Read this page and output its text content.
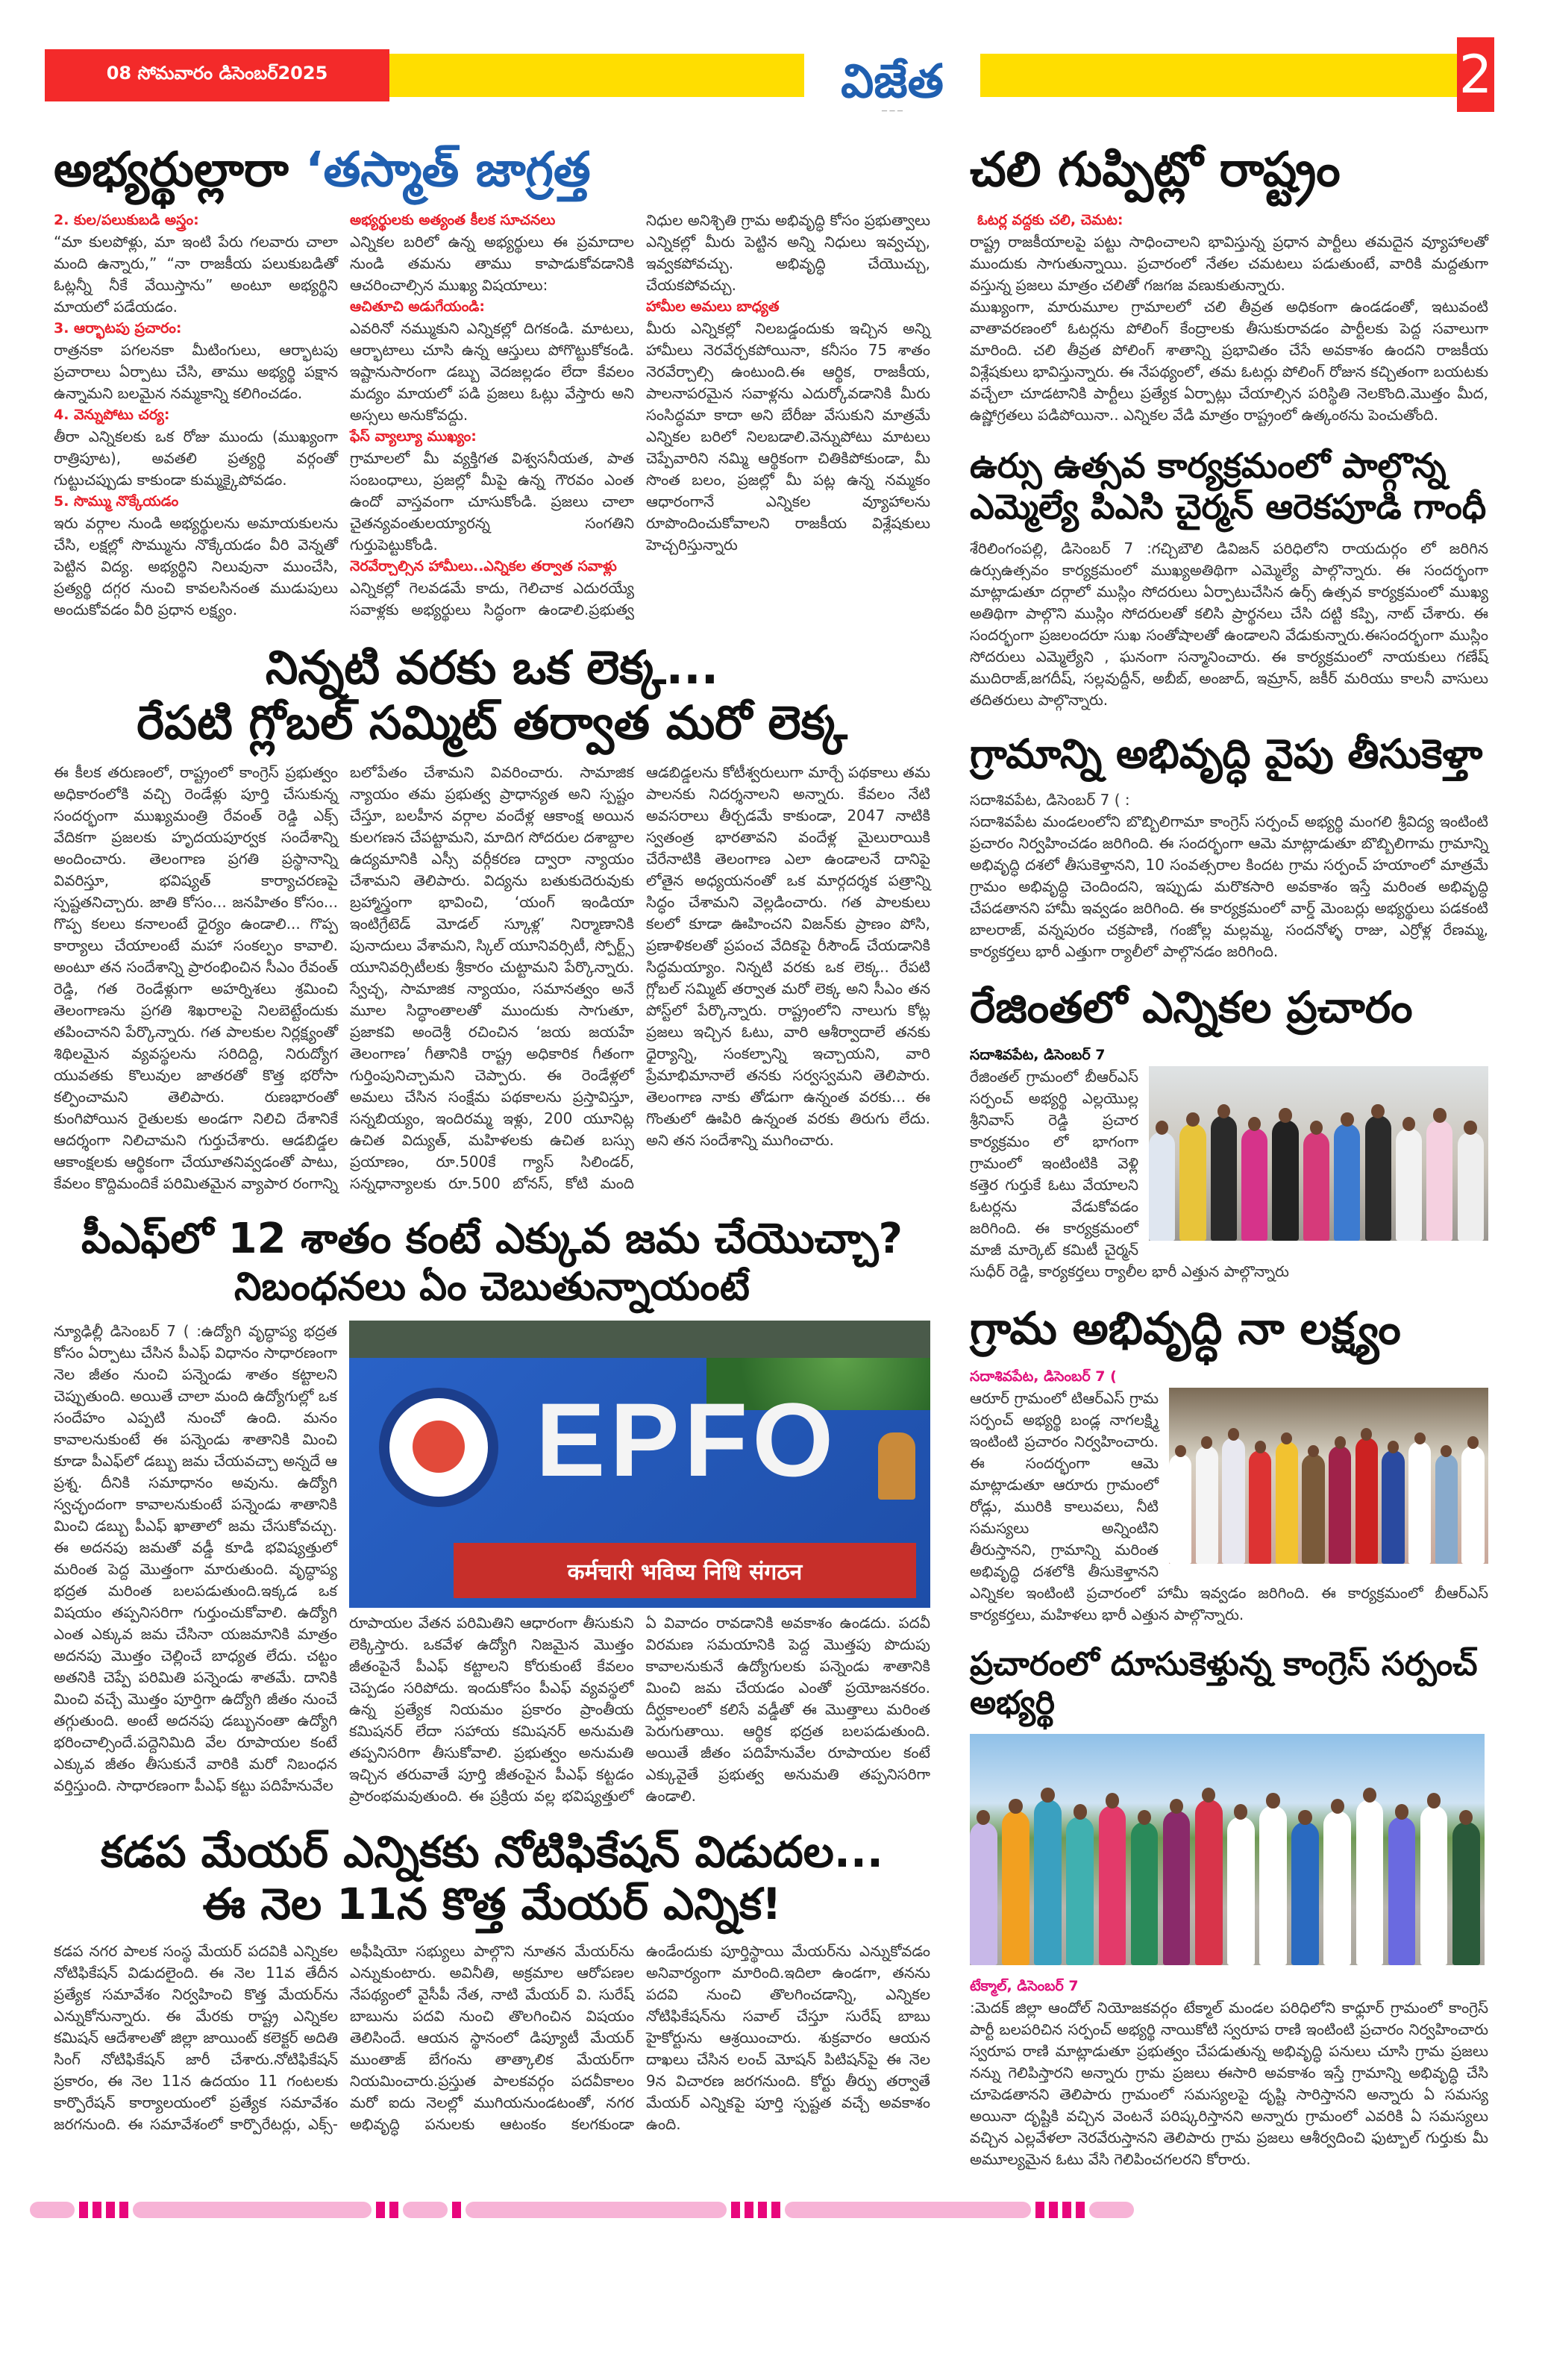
08 సోమవారం డిసెంబర్2025	విజేత
— — —
2
అభ్యర్థుల్లారా ‘తస్మాత్ జాగ్రత్త
2. కుల/పలుకుబడి అస్త్రం:

“మా కులపోళ్లు, మా ఇంటి పేరు గలవారు చాలా మంది ఉన్నారు,” “నా రాజకీయ పలుకుబడితో ఓట్లన్నీ నీకే వేయిస్తాను” అంటూ అభ్యర్థిని మాయలో పడేయడం.

3. ఆర్భాటపు ప్రచారం:

రాత్రనకా పగలనకా మీటింగులు, ఆర్భాటపు ప్రచారాలు ఏర్పాటు చేసి, తాము అభ్యర్థి పక్షాన ఉన్నామని బలమైన నమ్మకాన్ని కలిగించడం.

4. వెన్నుపోటు చర్య:

తీరా ఎన్నికలకు ఒక రోజు ముందు (ముఖ్యంగా రాత్రిపూట), అవతలి ప్రత్యర్థి వర్గంతో గుట్టుచప్పుడు కాకుండా కుమ్మక్కైపోవడం.

5. సొమ్ము నొక్కేయడం

ఇరు వర్గాల నుండి అభ్యర్థులను అమాయకులను చేసి, లక్షల్లో సొమ్మును నొక్కేయడం వీరి వెన్నతో పెట్టిన విద్య. అభ్యర్థిని నిలువునా ముంచేసి, ప్రత్యర్థి దగ్గర నుంచి కావలసినంత ముడుపులు అందుకోవడం వీరి ప్రధాన లక్ష్యం.

అభ్యర్థులకు అత్యంత కీలక సూచనలు

ఎన్నికల బరిలో ఉన్న అభ్యర్థులు ఈ ప్రమాదాల నుండి తమను తాము కాపాడుకోవడానికి ఆచరించాల్సిన ముఖ్య విషయాలు:

ఆచితూచి అడుగేయండి:

ఎవరినో నమ్ముకుని ఎన్నికల్లో దిగకండి. మాటలు, ఆర్భాటాలు చూసి ఉన్న ఆస్తులు పోగొట్టుకోకండి. ఇష్టానుసారంగా డబ్బు వెదజల్లడం లేదా కేవలం మద్యం మాయలో పడి ప్రజలు ఓట్లు వేస్తారు అని అస్సలు అనుకోవద్దు.

ఫేస్ వ్యాల్యూ ముఖ్యం:

గ్రామాలలో మీ వ్యక్తిగత విశ్వసనీయత, పాత సంబంధాలు, ప్రజల్లో మీపై ఉన్న గౌరవం ఎంత ఉందో వాస్తవంగా చూసుకోండి. ప్రజలు చాలా చైతన్యవంతులయ్యారన్న సంగతిని గుర్తుపెట్టుకోండి.

నెరవేర్చాల్సిన హామీలు..ఎన్నికల తర్వాత సవాళ్లు

ఎన్నికల్లో గెలవడమే కాదు, గెలిచాక ఎదురయ్యే సవాళ్లకు అభ్యర్థులు సిద్ధంగా ఉండాలి.ప్రభుత్వ నిధుల అనిశ్చితి గ్రామ అభివృద్ధి కోసం ప్రభుత్వాలు ఎన్నికల్లో మీరు పెట్టిన అన్ని నిధులు ఇవ్వచ్చు, ఇవ్వకపోవచ్చు. అభివృద్ధి చేయొచ్చు, చేయకపోవచ్చు.

హామీల అమలు బాధ్యత

మీరు ఎన్నికల్లో నిలబడ్డందుకు ఇచ్చిన అన్ని హామీలు నెరవేర్చకపోయినా, కనీసం 75 శాతం నెరవేర్చాల్సి ఉంటుంది.ఈ ఆర్థిక, రాజకీయ, పాలనాపరమైన సవాళ్లను ఎదుర్కోవడానికి మీరు సంసిద్ధమా కాదా అని బేరీజు వేసుకుని మాత్రమే ఎన్నికల బరిలో నిలబడాలి.వెన్నుపోటు మాటలు చెప్పేవారిని నమ్మి ఆర్థికంగా చితికిపోకుండా, మీ సొంత బలం, ప్రజల్లో మీ పట్ల ఉన్న నమ్మకం ఆధారంగానే ఎన్నికల వ్యూహాలను రూపొందించుకోవాలని రాజకీయ విశ్లేషకులు హెచ్చరిస్తున్నారు

నిన్నటి వరకు ఒక లెక్క...
రేపటి గ్లోబల్ సమ్మిట్ తర్వాత మరో లెక్క

ఈ కీలక తరుణంలో, రాష్ట్రంలో కాంగ్రెస్ ప్రభుత్వం అధికారంలోకి వచ్చి రెండేళ్లు పూర్తి చేసుకున్న సందర్భంగా ముఖ్యమంత్రి రేవంత్ రెడ్డి ఎక్స్ వేదికగా ప్రజలకు హృదయపూర్వక సందేశాన్ని అందించారు. తెలంగాణ ప్రగతి ప్రస్థానాన్ని వివరిస్తూ, భవిష్యత్ కార్యాచరణపై స్పష్టతనిచ్చారు. జాతి కోసం... జనహితం కోసం... గొప్ప కలలు కనాలంటే ధైర్యం ఉండాలి... గొప్ప కార్యాలు చేయాలంటే మహా సంకల్పం కావాలి. అంటూ తన సందేశాన్ని ప్రారంభించిన సీఎం రేవంత్ రెడ్డి, గత రెండేళ్లుగా అహర్నిశలు శ్రమించి తెలంగాణను ప్రగతి శిఖరాలపై నిలబెట్టేందుకు తపించానని పేర్కొన్నారు. గత పాలకుల నిర్లక్ష్యంతో శిథిలమైన వ్యవస్థలను సరిదిద్ది, నిరుద్యోగ యువతకు కొలువుల జాతరతో కొత్త భరోసా కల్పించామని తెలిపారు. రుణభారంతో కుంగిపోయిన రైతులకు అండగా నిలిచి దేశానికే ఆదర్శంగా నిలిచామని గుర్తుచేశారు. ఆడబిడ్డల ఆకాంక్షలకు ఆర్థికంగా చేయూతనివ్వడంతో పాటు, కేవలం కొద్దిమందికే పరిమితమైన వ్యాపార రంగాన్ని బలోపేతం చేశామని వివరించారు. సామాజిక న్యాయం తమ ప్రభుత్వ ప్రాధాన్యత అని స్పష్టం చేస్తూ, బలహీన వర్గాల వందేళ్ల ఆకాంక్ష అయిన కులగణన చేపట్టామని, మాదిగ సోదరుల దశాబ్దాల ఉద్యమానికి ఎస్సీ వర్గీకరణ ద్వారా న్యాయం చేశామని తెలిపారు. విద్యను బతుకుదెరువుకు బ్రహ్మాస్త్రంగా భావించి, ‘యంగ్ ఇండియా ఇంటిగ్రేటెడ్ మోడల్ స్కూళ్ల’ నిర్మాణానికి పునాదులు వేశామని, స్కిల్ యూనివర్సిటీ, స్పోర్ట్స్ యూనివర్సిటీలకు శ్రీకారం చుట్టామని పేర్కొన్నారు. స్వేచ్ఛ, సామాజిక న్యాయం, సమానత్వం అనే మూల సిద్ధాంతాలతో ముందుకు సాగుతూ, ప్రజాకవి అందెశ్రీ రచించిన ‘జయ జయహే తెలంగాణ’ గీతానికి రాష్ట్ర అధికారిక గీతంగా గుర్తింపునిచ్చామని చెప్పారు. ఈ రెండేళ్లలో అమలు చేసిన సంక్షేమ పథకాలను ప్రస్తావిస్తూ, సన్నబియ్యం, ఇందిరమ్మ ఇళ్లు, 200 యూనిట్ల ఉచిత విద్యుత్, మహిళలకు ఉచిత బస్సు ప్రయాణం, రూ.500కే గ్యాస్ సిలిండర్, సన్నధాన్యాలకు రూ.500 బోనస్, కోటి మంది ఆడబిడ్డలను కోటీశ్వరులుగా మార్చే పథకాలు తమ పాలనకు నిదర్శనాలని అన్నారు. కేవలం నేటి అవసరాలు తీర్చడమే కాకుండా, 2047 నాటికి స్వతంత్ర భారతావని వందేళ్ల మైలురాయికి చేరేనాటికి తెలంగాణ ఎలా ఉండాలనే దానిపై లోతైన అధ్యయనంతో ఒక మార్గదర్శక పత్రాన్ని సిద్ధం చేశామని వెల్లడించారు. గత పాలకులు కలలో కూడా ఊహించని విజన్‌కు ప్రాణం పోసి, ప్రణాళికలతో ప్రపంచ వేదికపై రీసౌండ్ చేయడానికి సిద్ధమయ్యాం. నిన్నటి వరకు ఒక లెక్క.. రేపటి గ్లోబల్ సమ్మిట్ తర్వాత మరో లెక్క అని సీఎం తన పోస్ట్‌లో పేర్కొన్నారు. రాష్ట్రంలోని నాలుగు కోట్ల ప్రజలు ఇచ్చిన ఓటు, వారి ఆశీర్వాదాలే తనకు ధైర్యాన్ని, సంకల్పాన్ని ఇచ్చాయని, వారి ప్రేమాభిమానాలే తనకు సర్వస్వమని తెలిపారు. తెలంగాణ నాకు తోడుగా ఉన్నంత వరకు... ఈ గొంతులో ఊపిరి ఉన్నంత వరకు తిరుగు లేదు. అని తన సందేశాన్ని ముగించారు.

పీఎఫ్‌లో 12 శాతం కంటే ఎక్కువ జమ చేయొచ్చా?
నిబంధనలు ఏం చెబుతున్నాయంటే
న్యూఢిల్లీ డిసెంబర్ 7 ( :ఉద్యోగి వృద్ధాప్య భద్రత కోసం ఏర్పాటు చేసిన పీఎఫ్ విధానం సాధారణంగా నెల జీతం నుంచి పన్నెండు శాతం కట్టాలని చెప్పుతుంది. అయితే చాలా మంది ఉద్యోగుల్లో ఒక సందేహం ఎప్పటి నుంచో ఉంది. మనం కావాలనుకుంటే ఈ పన్నెండు శాతానికి మించి కూడా పీఎఫ్‌లో డబ్బు జమ చేయవచ్చా అన్నదే ఆ ప్రశ్న. దీనికి సమాధానం అవును. ఉద్యోగి స్వచ్ఛందంగా కావాలనుకుంటే పన్నెండు శాతానికి మించి డబ్బు పీఎఫ్ ఖాతాలో జమ చేసుకోవచ్చు. ఈ అదనపు జమతో వడ్డీ కూడి భవిష్యత్తులో మరింత పెద్ద మొత్తంగా మారుతుంది. వృద్ధాప్య భద్రత మరింత బలపడుతుంది.ఇక్కడ ఒక విషయం తప్పనిసరిగా గుర్తుంచుకోవాలి. ఉద్యోగి ఎంత ఎక్కువ జమ చేసినా యజమానికి మాత్రం అదనపు మొత్తం చెల్లించే బాధ్యత లేదు. చట్టం అతనికి చెప్పే పరిమితి పన్నెండు శాతమే. దానికి మించి వచ్చే మొత్తం పూర్తిగా ఉద్యోగి జీతం నుంచే తగ్గుతుంది. అంటే అదనపు డబ్బునంతా ఉద్యోగి భరించాల్సిందే.పద్దెనిమిది వేల రూపాయల కంటే ఎక్కువ జీతం తీసుకునే వారికి మరో నిబంధన వర్తిస్తుంది. సాధారణంగా పీఎఫ్ కట్టు పదిహేనువేల
EPFO
कर्मचारी भविष्य निधि संगठन

రూపాయల వేతన పరిమితిని ఆధారంగా తీసుకుని లెక్కిస్తారు. ఒకవేళ ఉద్యోగి నిజమైన మొత్తం జీతంపైనే పీఎఫ్ కట్టాలని కోరుకుంటే కేవలం చెప్పడం సరిపోదు. ఇందుకోసం పీఎఫ్ వ్యవస్థలో ఉన్న ప్రత్యేక నియమం ప్రకారం ప్రాంతీయ కమిషనర్ లేదా సహాయ కమిషనర్ అనుమతి తప్పనిసరిగా తీసుకోవాలి. ప్రభుత్వం అనుమతి ఇచ్చిన తరువాతే పూర్తి జీతంపైన పీఎఫ్ కట్టడం ప్రారంభమవుతుంది. ఈ ప్రక్రియ వల్ల భవిష్యత్తులో ఏ వివాదం రావడానికి అవకాశం ఉండదు. పదవీ విరమణ సమయానికి పెద్ద మొత్తపు పొదుపు కావాలనుకునే ఉద్యోగులకు పన్నెండు శాతానికి మించి జమ చేయడం ఎంతో ప్రయోజనకరం. దీర్ఘకాలంలో కలిసే వడ్డీతో ఈ మొత్తాలు మరింత పెరుగుతాయి. ఆర్థిక భద్రత బలపడుతుంది. అయితే జీతం పదిహేనువేల రూపాయల కంటే ఎక్కువైతే ప్రభుత్వ అనుమతి తప్పనిసరిగా ఉండాలి.

కడప మేయర్ ఎన్నికకు నోటిఫికేషన్ విడుదల...
ఈ నెల 11న కొత్త మేయర్ ఎన్నిక!

కడప నగర పాలక సంస్థ మేయర్ పదవికి ఎన్నికల నోటిఫికేషన్ విడుదలైంది. ఈ నెల 11వ తేదీన ప్రత్యేక సమావేశం నిర్వహించి కొత్త మేయర్‌ను ఎన్నుకోనున్నారు. ఈ మేరకు రాష్ట్ర ఎన్నికల కమిషన్ ఆదేశాలతో జిల్లా జాయింట్ కలెక్టర్ అదితి సింగ్ నోటిఫికేషన్ జారీ చేశారు.నోటిఫికేషన్ ప్రకారం, ఈ నెల 11న ఉదయం 11 గంటలకు కార్పొరేషన్ కార్యాలయంలో ప్రత్యేక సమావేశం జరగనుంది. ఈ సమావేశంలో కార్పొరేటర్లు, ఎక్స్-అఫీషియో సభ్యులు పాల్గొని నూతన మేయర్‌ను ఎన్నుకుంటారు. అవినీతి, అక్రమాల ఆరోపణల నేపథ్యంలో వైసీపీ నేత, నాటి మేయర్ వి. సురేష్ బాబును పదవి నుంచి తొలగించిన విషయం తెలిసిందే. ఆయన స్థానంలో డిప్యూటీ మేయర్ ముంతాజ్ బేగంను తాత్కాలిక మేయర్‌గా నియమించారు.ప్రస్తుత పాలకవర్గం పదవీకాలం మరో ఐదు నెలల్లో ముగియనుండటంతో, నగర అభివృద్ధి పనులకు ఆటంకం కలగకుండా ఉండేందుకు పూర్తిస్థాయి మేయర్‌ను ఎన్నుకోవడం అనివార్యంగా మారింది.ఇదిలా ఉండగా, తనను పదవి నుంచి తొలగించడాన్ని, ఎన్నికల నోటిఫికేషన్‌ను సవాల్ చేస్తూ సురేష్ బాబు హైకోర్టును ఆశ్రయించారు. శుక్రవారం ఆయన దాఖలు చేసిన లంచ్ మోషన్ పిటిషన్‌పై ఈ నెల 9న విచారణ జరగనుంది. కోర్టు తీర్పు తర్వాతే మేయర్ ఎన్నికపై పూర్తి స్పష్టత వచ్చే అవకాశం ఉంది.

చలి గుప్పిట్లో రాష్ట్రం
ఓటర్ల వద్దకు చలి, చెమట:

రాష్ట్ర రాజకీయాలపై పట్టు సాధించాలని భావిస్తున్న ప్రధాన పార్టీలు తమదైన వ్యూహాలతో ముందుకు సాగుతున్నాయి. ప్రచారంలో నేతల చమటలు పడుతుంటే, వారికి మద్దతుగా వస్తున్న ప్రజలు మాత్రం చలితో గజగజ వణుకుతున్నారు.

ముఖ్యంగా, మారుమూల గ్రామాలలో చలి తీవ్రత అధికంగా ఉండడంతో, ఇటువంటి వాతావరణంలో ఓటర్లను పోలింగ్ కేంద్రాలకు తీసుకురావడం పార్టీలకు పెద్ద సవాలుగా మారింది. చలి తీవ్రత పోలింగ్ శాతాన్ని ప్రభావితం చేసే అవకాశం ఉందని రాజకీయ విశ్లేషకులు భావిస్తున్నారు. ఈ నేపథ్యంలో, తమ ఓటర్లు పోలింగ్ రోజున కచ్చితంగా బయటకు వచ్చేలా చూడటానికి పార్టీలు ప్రత్యేక ఏర్పాట్లు చేయాల్సిన పరిస్థితి నెలకొంది.మొత్తం మీద, ఉష్ణోగ్రతలు పడిపోయినా.. ఎన్నికల వేడి మాత్రం రాష్ట్రంలో ఉత్కంఠను పెంచుతోంది.

ఉర్సు ఉత్సవ కార్యక్రమంలో పాల్గొన్న
ఎమ్మెల్యే పిఎసి చైర్మన్ ఆరెకపూడి గాంధీ
శేరిలింగంపల్లి, డిసెంబర్ 7 :గచ్చిబౌలి డివిజన్ పరిధిలోని రాయదుర్గం లో జరిగిన ఉర్సుఉత్సవం కార్యక్రమంలో ముఖ్యఅతిథిగా ఎమ్మెల్యే పాల్గొన్నారు. ఈ సందర్భంగా మాట్లాడుతూ దర్గాలో ముస్లిం సోదరులు ఏర్పాటుచేసిన ఉర్స్ ఉత్సవ కార్యక్రమంలో ముఖ్య అతిథిగా పాల్గొని ముస్లిం సోదరులతో కలిసి ప్రార్థనలు చేసి దట్టి కప్పి, నాట్ చేశారు. ఈ సందర్భంగా ప్రజలందరూ సుఖ సంతోషాలతో ఉండాలని వేడుకున్నారు.ఈసందర్భంగా ముస్లిం సోదరులు ఎమ్మెల్యేని , ఘనంగా సన్మానించారు. ఈ కార్యక్రమంలో నాయకులు గణేష్ ముదిరాజ్,జగదీష్, సల్లవుద్దీన్, అబీబ్, అంజాద్, ఇమ్రాన్, జకీర్ మరియు కాలనీ వాసులు తదితరులు పాల్గొన్నారు.
గ్రామాన్ని అభివృద్ధి వైపు తీసుకెళ్తా

సదాశివపేట, డిసెంబర్ 7 ( :

సదాశివపేట మండలంలోని బొబ్బిలిగామా కాంగ్రెస్ సర్పంచ్ అభ్యర్థి మంగలి శ్రీవిద్య ఇంటింటి ప్రచారం నిర్వహించడం జరిగింది. ఈ సందర్భంగా ఆమె మాట్లాడుతూ బొబ్బిలిగామ గ్రామాన్ని అభివృద్ధి దశలో తీసుకెళ్తానని, 10 సంవత్సరాల కిందట గ్రామ సర్పంచ్ హయాంలో మాత్రమే గ్రామం అభివృద్ధి చెందిందని, ఇప్పుడు మరొకసారి అవకాశం ఇస్తే మరింత అభివృద్ధి చేపడతానని హామీ ఇవ్వడం జరిగింది. ఈ కార్యక్రమంలో వార్డ్ మెంబర్లు అభ్యర్థులు పడకంటి బాలరాజ్, వన్నపురం చక్రపాణి, గంజోల్ల మల్లమ్మ, సందనోళ్ళ రాజు, ఎర్రోళ్ల రేణమ్మ, కార్యకర్తలు భారీ ఎత్తుగా ర్యాలీలో పాల్గొనడం జరిగింది.

రేజింతలో ఎన్నికల ప్రచారం
సదాశివపేట, డిసెంబర్ 7

రేజింతల్ గ్రామంలో బీఆర్ఎస్ సర్పంచ్ అభ్యర్థి ఎల్లయొల్ల శ్రీనివాస్ రెడ్డి ప్రచార కార్యక్రమం లో భాగంగా గ్రామంలో ఇంటింటికి వెళ్లి కత్తెర గుర్తుకే ఓటు వేయాలని ఓటర్లను వేడుకోవడం జరిగింది. ఈ కార్యక్రమంలో మాజీ మార్కెట్ కమిటీ చైర్మన్ సుధీర్ రెడ్డి, కార్యకర్తలు ర్యాలీల భారీ ఎత్తున పాల్గొన్నారు

గ్రామ అభివృద్ధి నా లక్ష్యం
సదాశివపేట, డిసెంబర్ 7 (

ఆరూర్ గ్రామంలో టిఆర్ఎస్ గ్రామ సర్పంచ్ అభ్యర్థి బండ్ల నాగలక్ష్మి ఇంటింటి ప్రచారం నిర్వహించారు. ఈ సందర్భంగా ఆమె మాట్లాడుతూ ఆరూరు గ్రామంలో రోడ్లు, మురికి కాలువలు, నీటి సమస్యలు అన్నింటిని తీరుస్తానని, గ్రామాన్ని మరింత అభివృద్ధి దశలోకి తీసుకెళ్తానని ఎన్నికల ఇంటింటి ప్రచారంలో హామీ ఇవ్వడం జరిగింది. ఈ కార్యక్రమంలో బీఆర్ఎస్ కార్యకర్తలు, మహిళలు భారీ ఎత్తున పాల్గొన్నారు.

ప్రచారంలో దూసుకెళ్తున్న కాంగ్రెస్ సర్పంచ్ అభ్యర్థి
టేక్మాల్, డిసెంబర్ 7
:మెదక్ జిల్లా ఆందోల్ నియోజకవర్గం టేక్మాల్ మండల పరిధిలోని కాధ్లూర్ గ్రామంలో కాంగ్రెస్ పార్టీ బలపరిచిన సర్పంచ్ అభ్యర్థి నాయికోటి స్వరూప రాణి ఇంటింటి ప్రచారం నిర్వహించారు స్వరూప రాణి మాట్లాడుతూ ప్రభుత్వం చేపడుతున్న అభివృద్ధి పనులు చూసి గ్రామ ప్రజలు నన్ను గెలిపిస్తారని అన్నారు గ్రామ ప్రజలు ఈసారి అవకాశం ఇస్తే గ్రామాన్ని అభివృద్ధి చేసి చూపెడతానని తెలిపారు గ్రామంలో సమస్యలపై దృష్టి సారిస్తానని అన్నారు ఏ సమస్య అయినా దృష్టికి వచ్చిన వెంటనే పరిష్కరిస్తానని అన్నారు గ్రామంలో ఎవరికి ఏ సమస్యలు వచ్చిన ఎల్లవేళలా నెరవేరుస్తానని తెలిపారు గ్రామ ప్రజలు ఆశీర్వదించి ఫుట్బాల్ గుర్తుకు మీ అమూల్యమైన ఓటు వేసి గెలిపించగలరని కోరారు.
